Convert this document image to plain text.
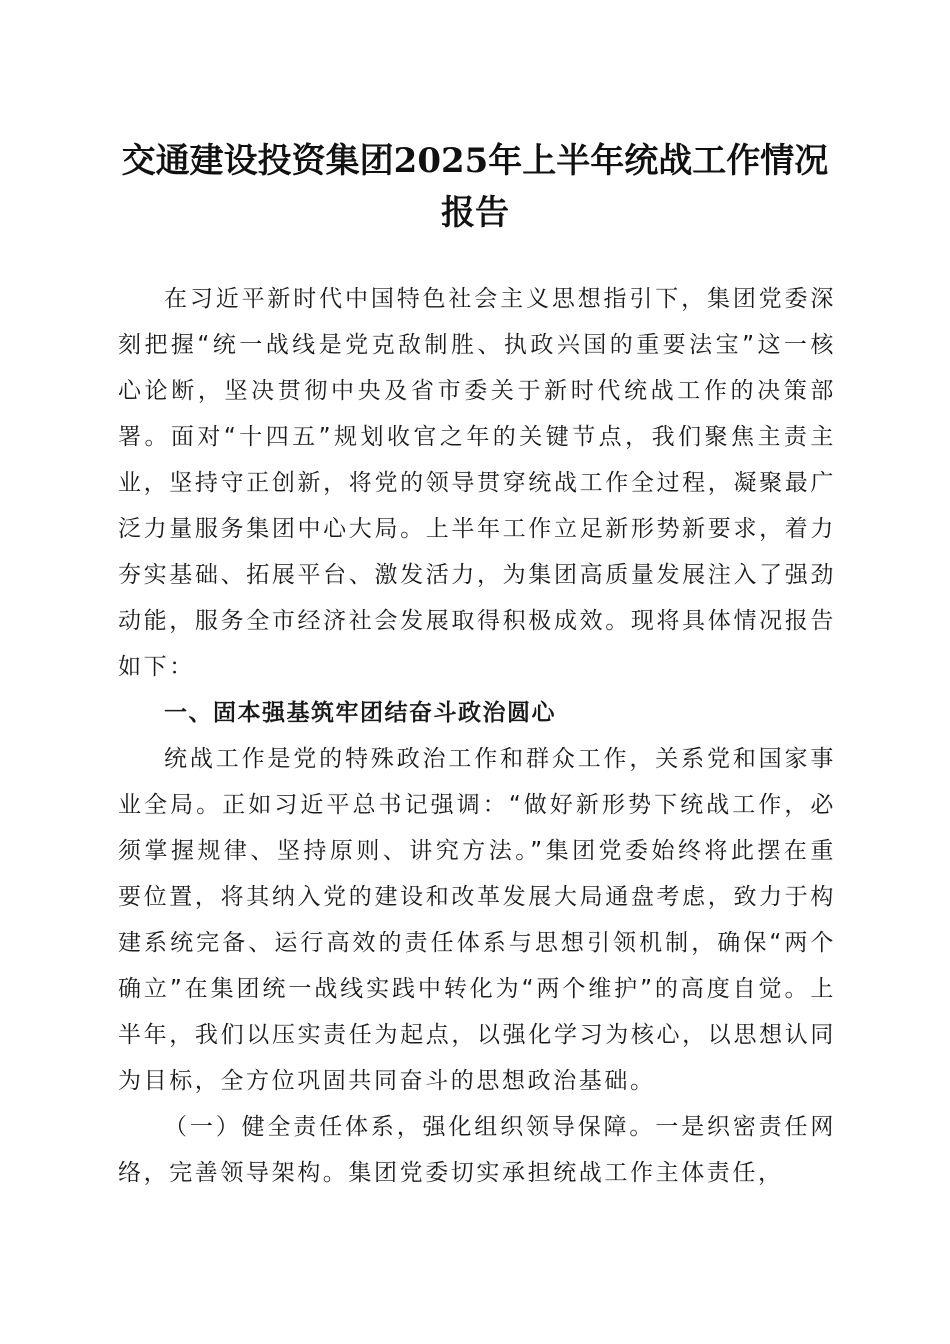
交通建设投资集团2025年上半年统战工作情况报告

在习近平新时代中国特色社会主义思想指引下，集团党委深刻把握“统一战线是党克敌制胜、执政兴国的重要法宝”这一核心论断，坚决贯彻中央及省市委关于新时代统战工作的决策部署。面对“十四五”规划收官之年的关键节点，我们聚焦主责主业，坚持守正创新，将党的领导贯穿统战工作全过程，凝聚最广泛力量服务集团中心大局。上半年工作立足新形势新要求，着力夯实基础、拓展平台、激发活力，为集团高质量发展注入了强劲动能，服务全市经济社会发展取得积极成效。现将具体情况报告如下：

一、固本强基筑牢团结奋斗政治圆心

统战工作是党的特殊政治工作和群众工作，关系党和国家事业全局。正如习近平总书记强调：“做好新形势下统战工作，必须掌握规律、坚持原则、讲究方法。”集团党委始终将此摆在重要位置，将其纳入党的建设和改革发展大局通盘考虑，致力于构建系统完备、运行高效的责任体系与思想引领机制，确保“两个确立”在集团统一战线实践中转化为“两个维护”的高度自觉。上半年，我们以压实责任为起点，以强化学习为核心，以思想认同为目标，全方位巩固共同奋斗的思想政治基础。

（一）健全责任体系，强化组织领导保障。一是织密责任网络，完善领导架构。集团党委切实承担统战工作主体责任，
